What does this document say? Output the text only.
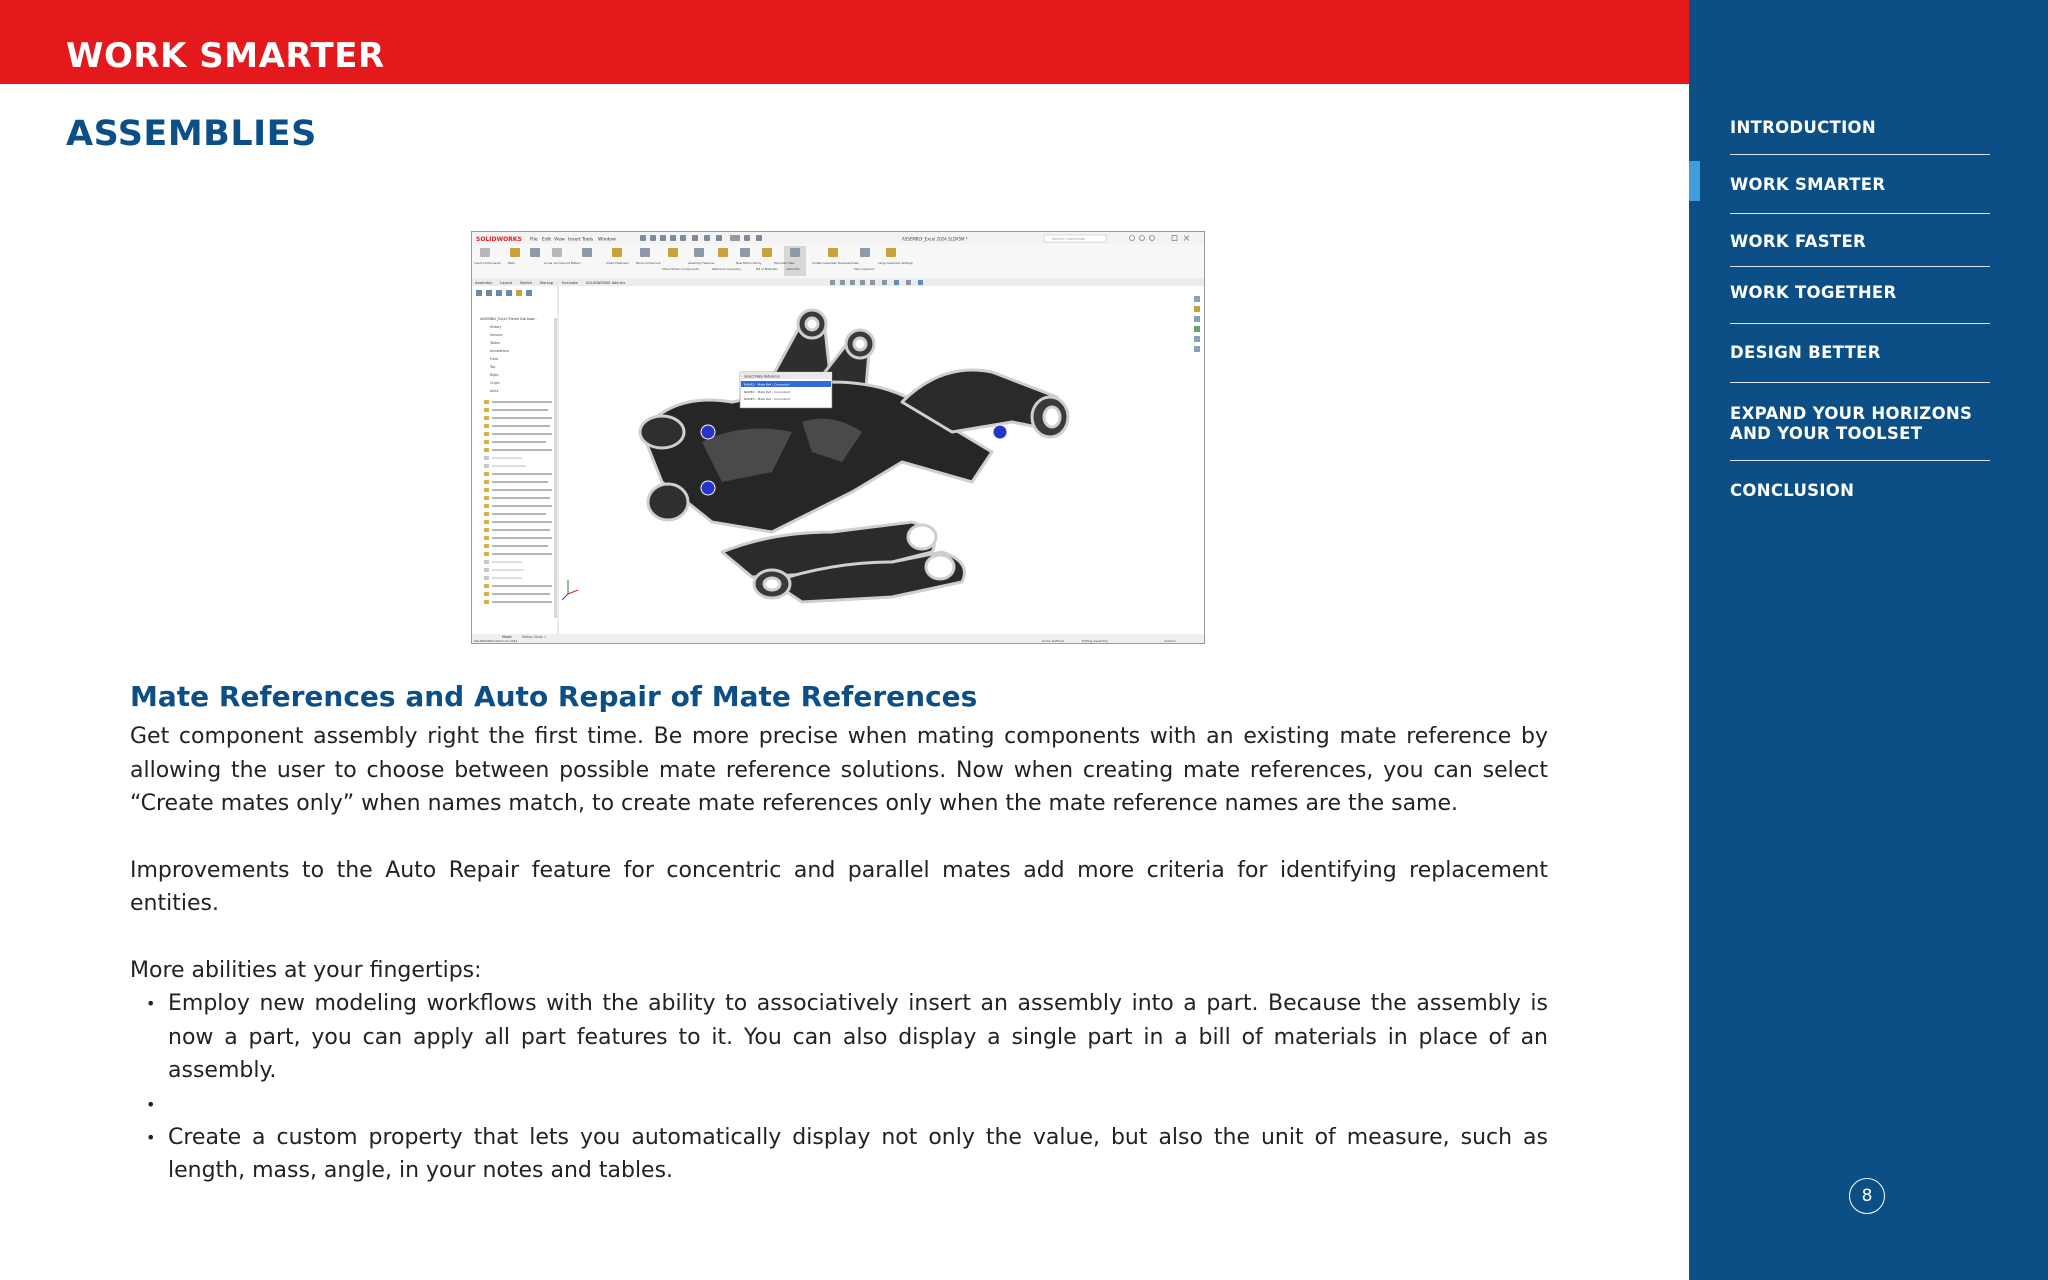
WORK SMARTER
ASSEMBLIES
SOLIDWORKS File Edit View Insert Tools Window	ASSEMBLY_Excel 2024.SLDASM *	Search Commands
Insert Components	Mate	Linear Component Pattern	Smart Fasteners	Move Component
Show Hidden Components
Assembly Features
Reference Geometry
New Motion Study
Bill of Materials
Exploded View
Instant3D
Update Speedpak Subassemblies
Take Snapshot
Large Assembly Settings
Assembly Layout Sketch Markup Evaluate SOLIDWORKS Add-Ins
ASSEMBLY_Excel (Tiered Sub Asse...
History
Sensors
Tables
Annotations
Front
Top
Right
Origin
Axis1
Select Mate Reference
NAME1 - Mate Ref - Concentric
NAME2 - Mate Ref - Coincident
NAME3 - Mate Ref - Coincident
Model	Motion Study 1
SOLIDWORKS Premium 2024	Under Defined	Editing Assembly	Custom
Mate References and Auto Repair of Mate References

Get component assembly right the first time. Be more precise when mating components with an existing mate reference by allowing the user to choose between possible mate reference solutions. Now when creating mate references, you can select “Create mates only” when names match, to create mate references only when the mate reference names are the same.

Improvements to the Auto Repair feature for concentric and parallel mates add more criteria for identifying replacement entities.

More abilities at your fingertips:

• Employ new modeling workflows with the ability to associatively insert an assembly into a part. Because the assembly is now a part, you can apply all part features to it. You can also display a single part in a bill of materials in place of an assembly.
•
• Create a custom property that lets you automatically display not only the value, but also the unit of measure, such as length, mass, angle, in your notes and tables.
INTRODUCTION
WORK SMARTER
WORK FASTER
WORK TOGETHER
DESIGN BETTER
EXPAND YOUR HORIZONS
AND YOUR TOOLSET
CONCLUSION
8
